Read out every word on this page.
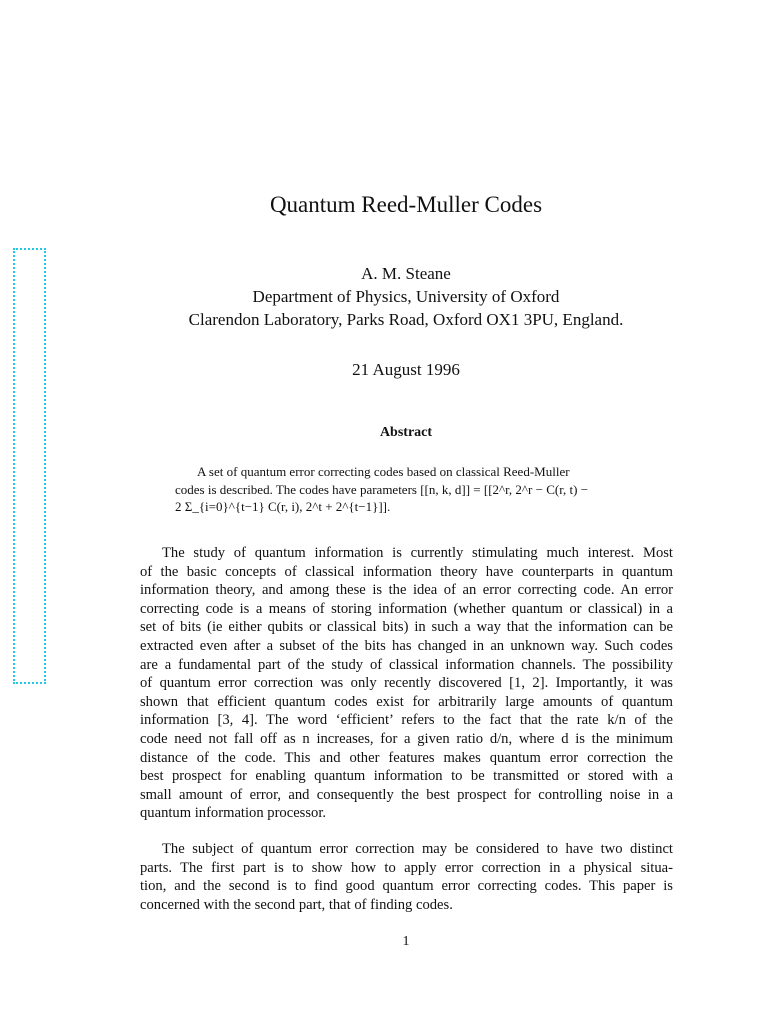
Quantum Reed-Muller Codes
A. M. Steane
Department of Physics, University of Oxford
Clarendon Laboratory, Parks Road, Oxford OX1 3PU, England.
21 August 1996
Abstract
A set of quantum error correcting codes based on classical Reed-Muller
codes is described. The codes have parameters [[n, k, d]] = [[2^r, 2^r − C(r, t) −
2 Σ_{i=0}^{t−1} C(r, i), 2^t + 2^{t−1}]].
The study of quantum information is currently stimulating much interest. Most
of the basic concepts of classical information theory have counterparts in quantum
information theory, and among these is the idea of an error correcting code. An error
correcting code is a means of storing information (whether quantum or classical) in a
set of bits (ie either qubits or classical bits) in such a way that the information can be
extracted even after a subset of the bits has changed in an unknown way. Such codes
are a fundamental part of the study of classical information channels. The possibility
of quantum error correction was only recently discovered [1, 2]. Importantly, it was
shown that efficient quantum codes exist for arbitrarily large amounts of quantum
information [3, 4]. The word ‘efficient’ refers to the fact that the rate k/n of the
code need not fall off as n increases, for a given ratio d/n, where d is the minimum
distance of the code. This and other features makes quantum error correction the
best prospect for enabling quantum information to be transmitted or stored with a
small amount of error, and consequently the best prospect for controlling noise in a
quantum information processor.
The subject of quantum error correction may be considered to have two distinct
parts. The first part is to show how to apply error correction in a physical situa-
tion, and the second is to find good quantum error correcting codes. This paper is
concerned with the second part, that of finding codes.
1
